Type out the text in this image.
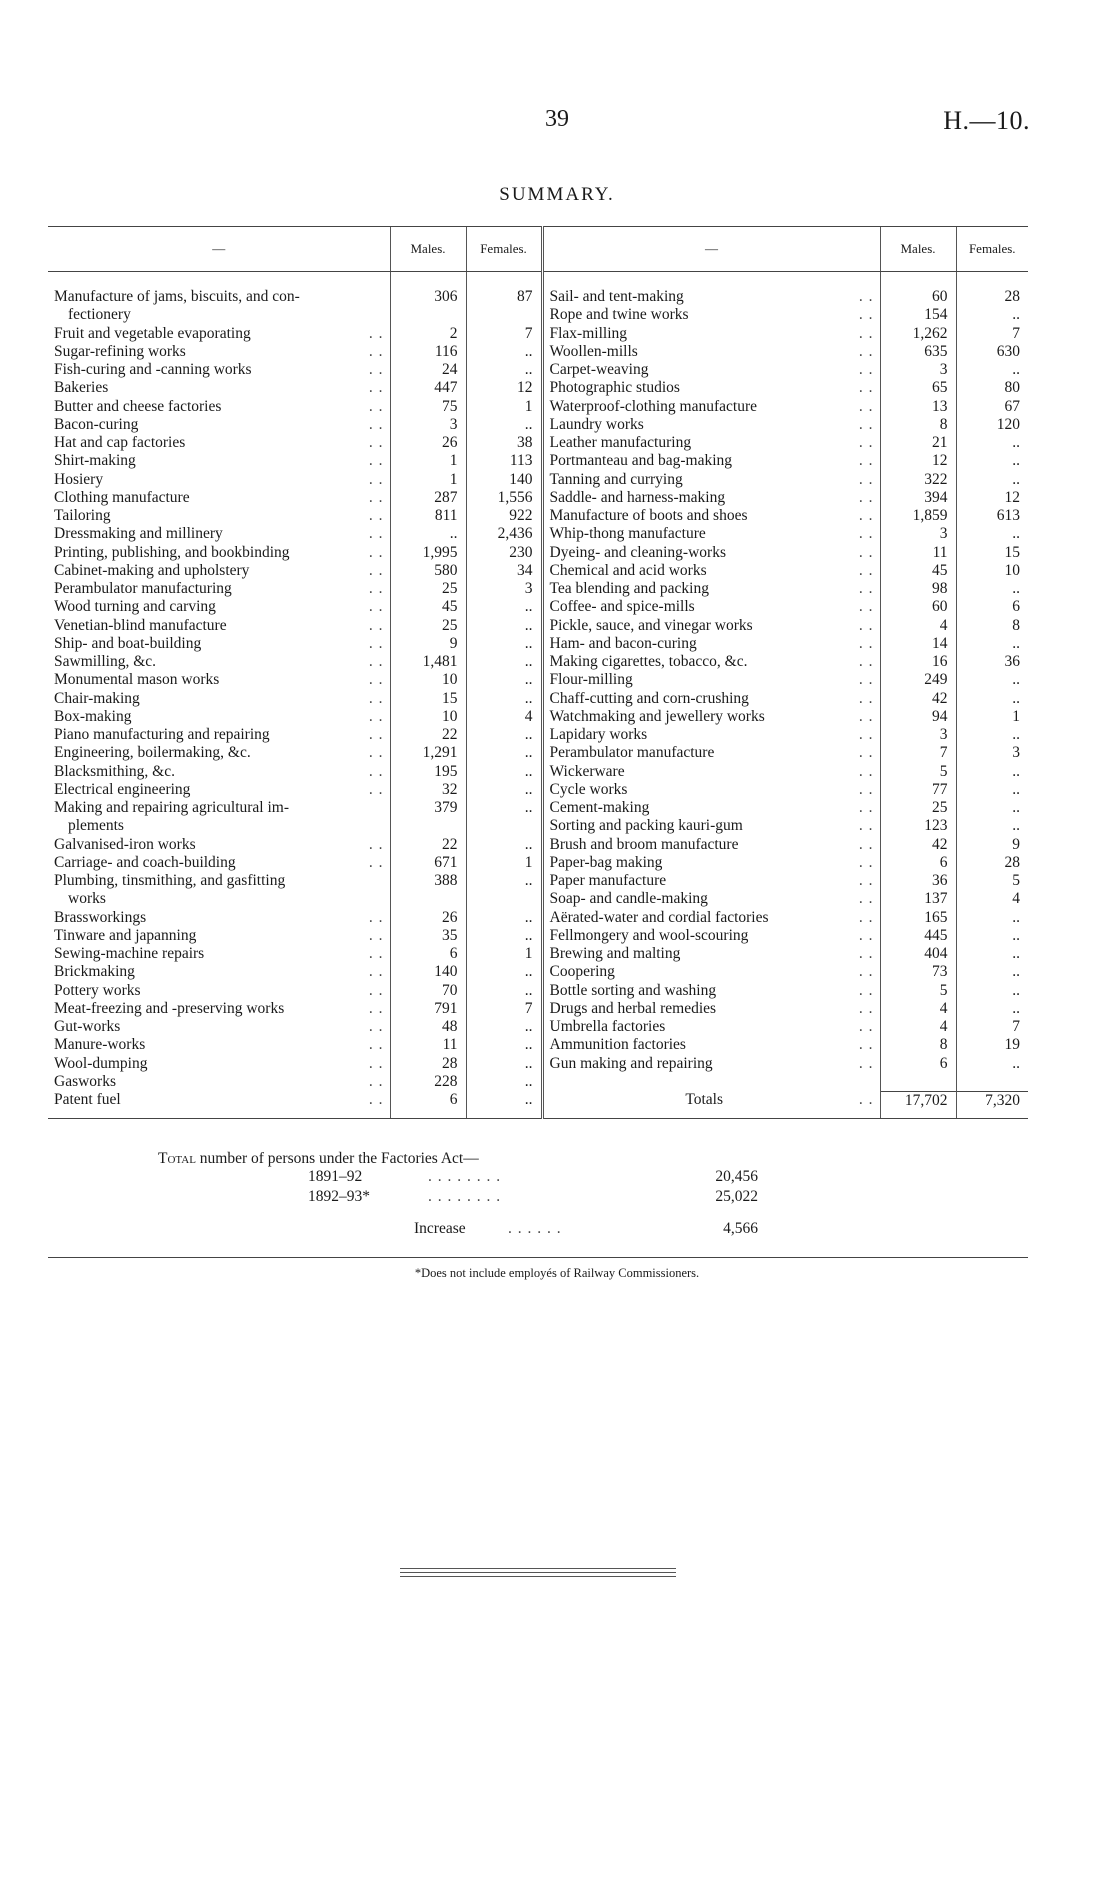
39	H.—10.
SUMMARY.
—	Males.	Females.	—	Males.	Females.

Manufacture of jams, biscuits, and con-	306	87	Sail- and tent-making . .	60	28
fectionery			Rope and twine works . .	154	..
Fruit and vegetable evaporating . .	2	7	Flax-milling . .	1,262	7
Sugar-refining works . .	116	..	Woollen-mills . .	635	630
Fish-curing and -canning works . .	24	..	Carpet-weaving . .	3	..
Bakeries . .	447	12	Photographic studios . .	65	80
Butter and cheese factories . .	75	1	Waterproof-clothing manufacture . .	13	67
Bacon-curing . .	3	..	Laundry works . .	8	120
Hat and cap factories . .	26	38	Leather manufacturing . .	21	..
Shirt-making . .	1	113	Portmanteau and bag-making . .	12	..
Hosiery . .	1	140	Tanning and currying . .	322	..
Clothing manufacture . .	287	1,556	Saddle- and harness-making . .	394	12
Tailoring . .	811	922	Manufacture of boots and shoes . .	1,859	613
Dressmaking and millinery . .	..	2,436	Whip-thong manufacture . .	3	..
Printing, publishing, and bookbinding . .	1,995	230	Dyeing- and cleaning-works . .	11	15
Cabinet-making and upholstery . .	580	34	Chemical and acid works . .	45	10
Perambulator manufacturing . .	25	3	Tea blending and packing . .	98	..
Wood turning and carving . .	45	..	Coffee- and spice-mills . .	60	6
Venetian-blind manufacture . .	25	..	Pickle, sauce, and vinegar works . .	4	8
Ship- and boat-building . .	9	..	Ham- and bacon-curing . .	14	..
Sawmilling, &c. . .	1,481	..	Making cigarettes, tobacco, &c. . .	16	36
Monumental mason works . .	10	..	Flour-milling . .	249	..
Chair-making . .	15	..	Chaff-cutting and corn-crushing . .	42	..
Box-making . .	10	4	Watchmaking and jewellery works . .	94	1
Piano manufacturing and repairing . .	22	..	Lapidary works . .	3	..
Engineering, boilermaking, &c. . .	1,291	..	Perambulator manufacture . .	7	3
Blacksmithing, &c. . .	195	..	Wickerware . .	5	..
Electrical engineering . .	32	..	Cycle works . .	77	..
Making and repairing agricultural im-	379	..	Cement-making . .	25	..
plements			Sorting and packing kauri-gum . .	123	..
Galvanised-iron works . .	22	..	Brush and broom manufacture . .	42	9
Carriage- and coach-building . .	671	1	Paper-bag making . .	6	28
Plumbing, tinsmithing, and gasfitting	388	..	Paper manufacture . .	36	5
works			Soap- and candle-making . .	137	4
Brassworkings . .	26	..	Aërated-water and cordial factories . .	165	..
Tinware and japanning . .	35	..	Fellmongery and wool-scouring . .	445	..
Sewing-machine repairs . .	6	1	Brewing and malting . .	404	..
Brickmaking . .	140	..	Coopering . .	73	..
Pottery works . .	70	..	Bottle sorting and washing . .	5	..
Meat-freezing and -preserving works . .	791	7	Drugs and herbal remedies . .	4	..
Gut-works . .	48	..	Umbrella factories . .	4	7
Manure-works . .	11	..	Ammunition factories . .	8	19
Wool-dumping . .	28	..	Gun making and repairing . .	6	..
Gasworks . .	228	..			
Patent fuel . .	6	..	Totals . .	17,702	7,320
Total number of persons under the Factories Act—
1891–92	. . . . . . . .	20,456
1892–93*	. . . . . . . .	25,022
Increase	. . . . . .	4,566
*Does not include employés of Railway Commissioners.
